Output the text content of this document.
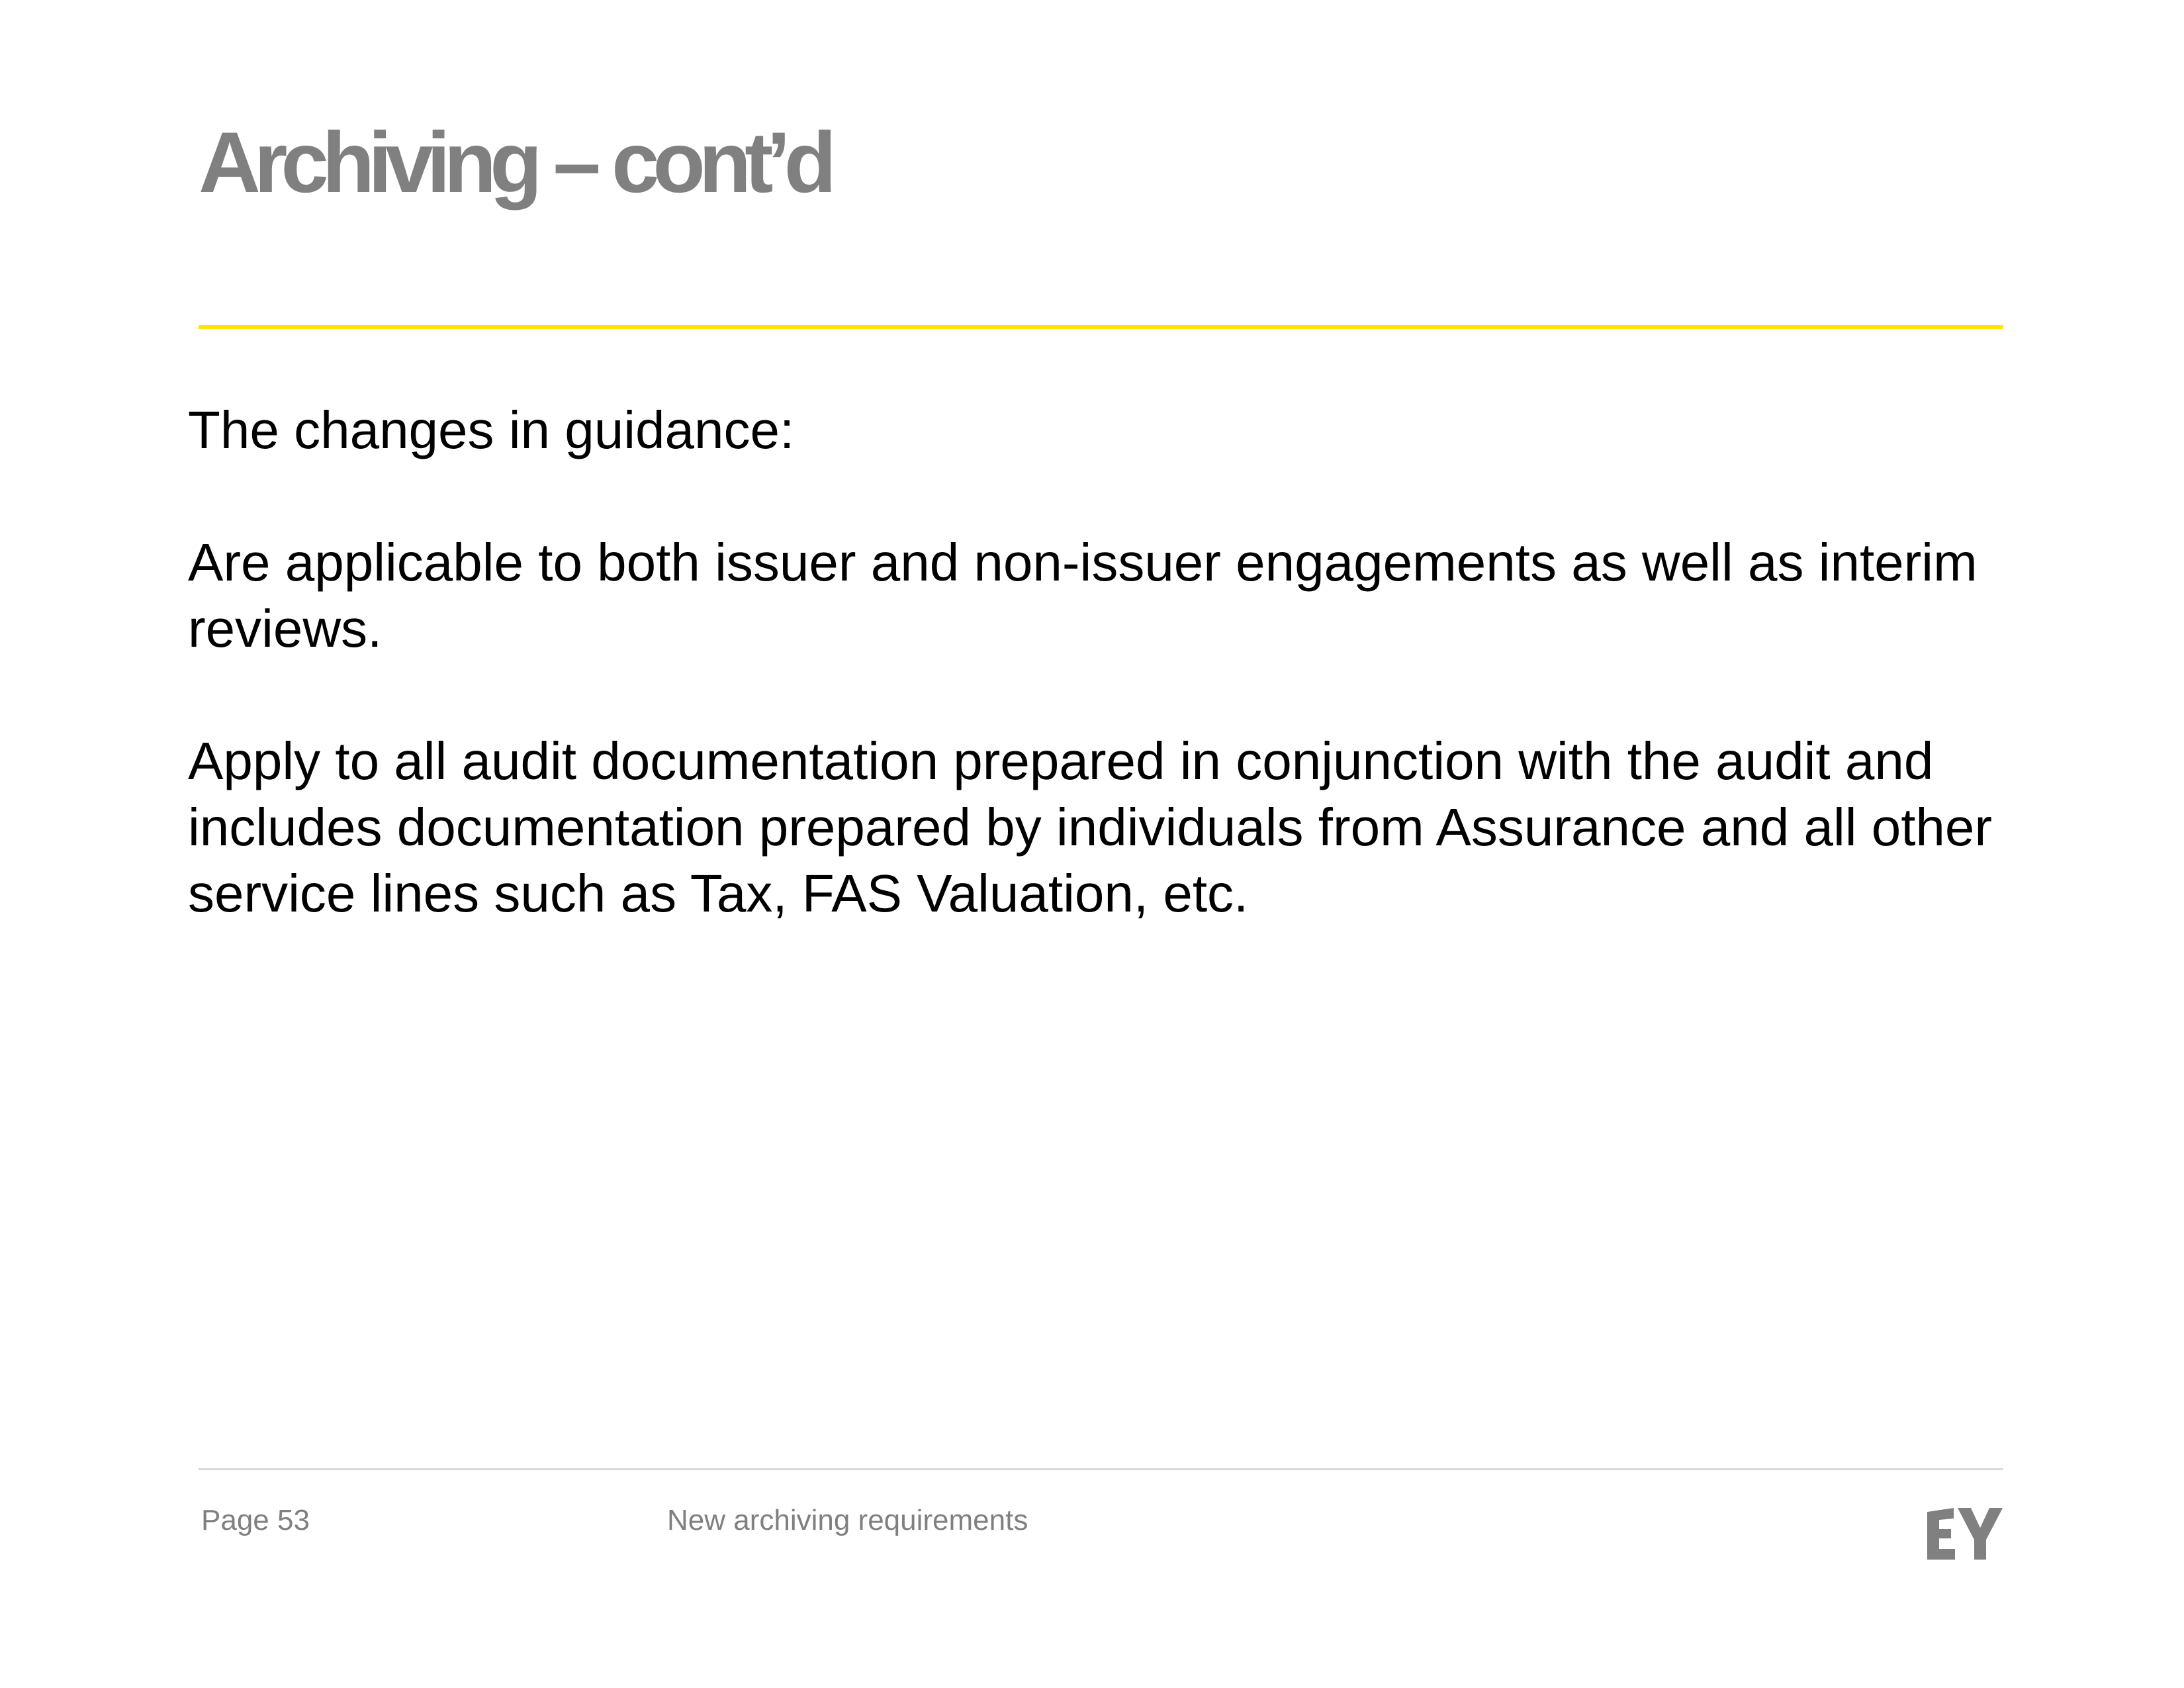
Archiving – cont’d

The changes in guidance:

Are applicable to both issuer and non-issuer engagements as well as interim reviews.

Apply to all audit documentation prepared in conjunction with the audit and includes documentation prepared by individuals from Assurance and all other service lines such as Tax, FAS Valuation, etc.

Page 53	New archiving requirements
